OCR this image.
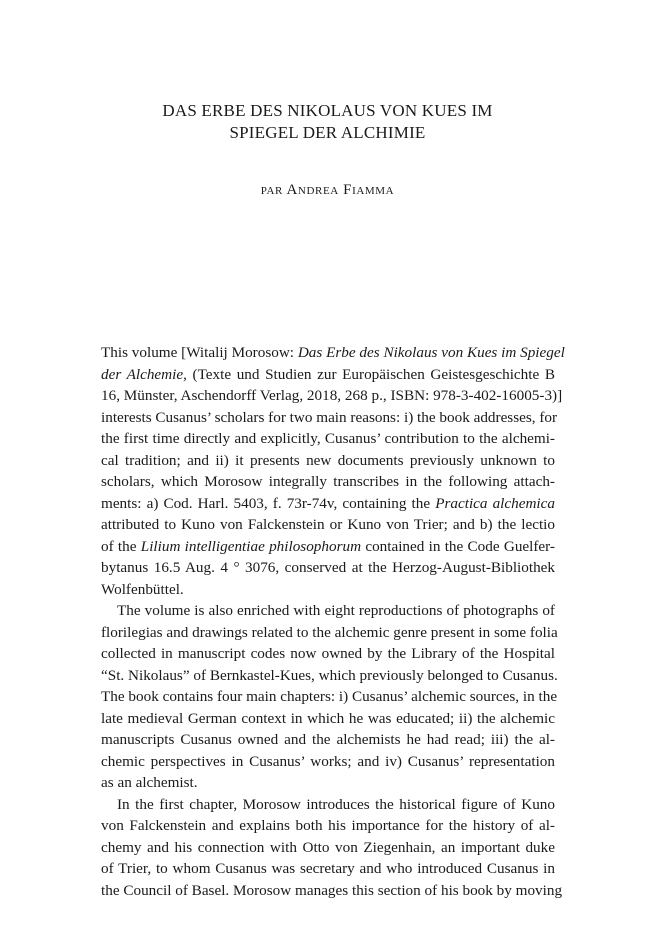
DAS ERBE DES NIKOLAUS VON KUES IM
SPIEGEL DER ALCHIMIE
par Andrea Fiamma

This volume [Witalij Morosow: Das Erbe des Nikolaus von Kues im Spiegel
der Alchemie, (Texte und Studien zur Europäischen Geistesgeschichte B
16, Münster, Aschendorff Verlag, 2018, 268 p., ISBN: 978-3-402-16005-3)]
interests Cusanus’ scholars for two main reasons: i) the book addresses, for
the first time directly and explicitly, Cusanus’ contribution to the alchemi-
cal tradition; and ii) it presents new documents previously unknown to
scholars, which Morosow integrally transcribes in the following attach-
ments: a) Cod. Harl. 5403, f. 73r-74v, containing the Practica alchemica
attributed to Kuno von Falckenstein or Kuno von Trier; and b) the lectio
of the Lilium intelligentiae philosophorum contained in the Code Guelfer-
bytanus 16.5 Aug. 4 ° 3076, conserved at the Herzog-August-Bibliothek
Wolfenbüttel.

The volume is also enriched with eight reproductions of photographs of
florilegias and drawings related to the alchemic genre present in some folia
collected in manuscript codes now owned by the Library of the Hospital
“St. Nikolaus” of Bernkastel-Kues, which previously belonged to Cusanus.
The book contains four main chapters: i) Cusanus’ alchemic sources, in the
late medieval German context in which he was educated; ii) the alchemic
manuscripts Cusanus owned and the alchemists he had read; iii) the al-
chemic perspectives in Cusanus’ works; and iv) Cusanus’ representation
as an alchemist.

In the first chapter, Morosow introduces the historical figure of Kuno
von Falckenstein and explains both his importance for the history of al-
chemy and his connection with Otto von Ziegenhain, an important duke
of Trier, to whom Cusanus was secretary and who introduced Cusanus in
the Council of Basel. Morosow manages this section of his book by moving
